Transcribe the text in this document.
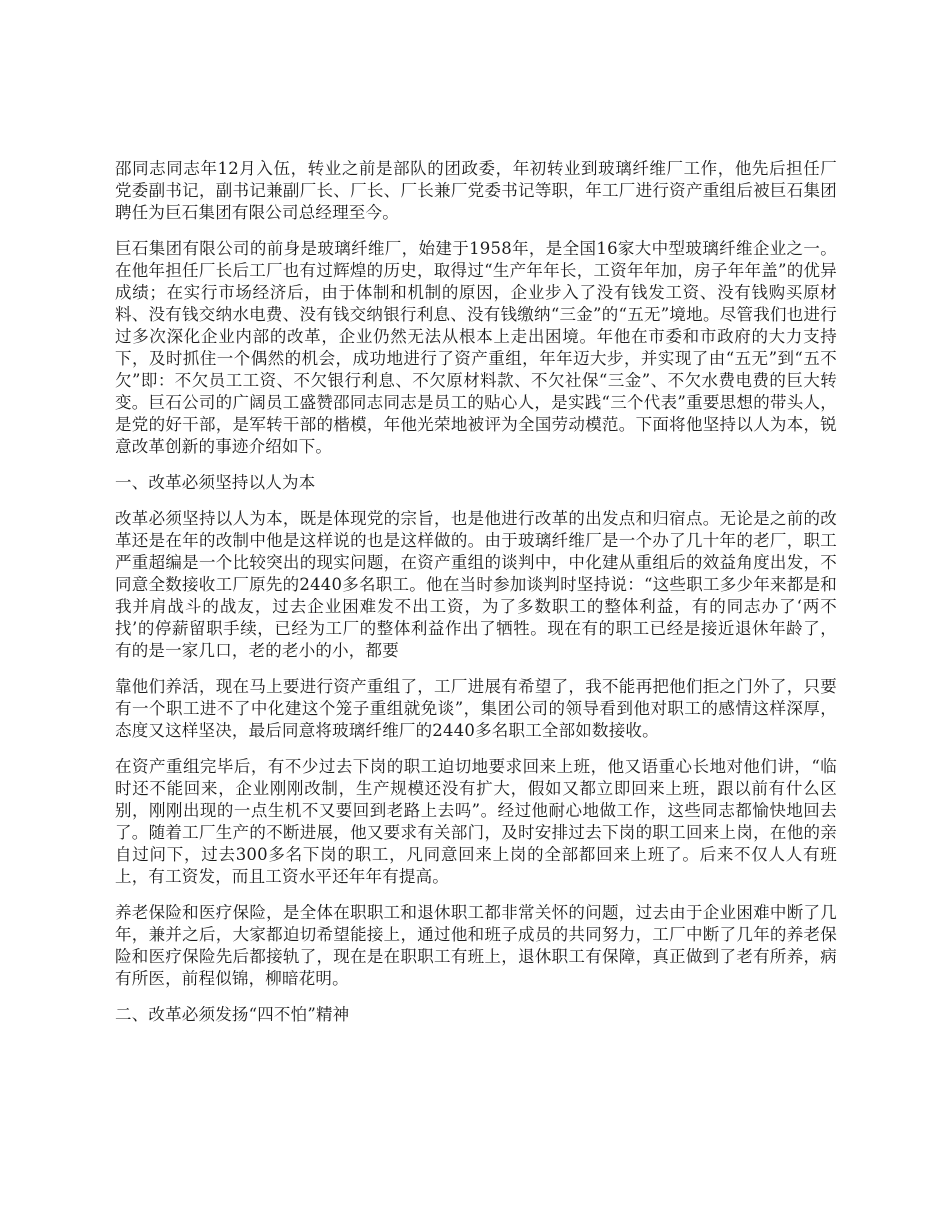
邵同志同志年12月入伍，转业之前是部队的团政委，年初转业到玻璃纤维厂工作，他先后担任厂党委副书记，副书记兼副厂长、厂长、厂长兼厂党委书记等职，年工厂进行资产重组后被巨石集团聘任为巨石集团有限公司总经理至今。

巨石集团有限公司的前身是玻璃纤维厂，始建于1958年，是全国16家大中型玻璃纤维企业之一。在他年担任厂长后工厂也有过辉煌的历史，取得过“生产年年长，工资年年加，房子年年盖”的优异成绩；在实行市场经济后，由于体制和机制的原因，企业步入了没有钱发工资、没有钱购买原材料、没有钱交纳水电费、没有钱交纳银行利息、没有钱缴纳“三金”的“五无”境地。尽管我们也进行过多次深化企业内部的改革，企业仍然无法从根本上走出困境。年他在市委和市政府的大力支持下，及时抓住一个偶然的机会，成功地进行了资产重组，年年迈大步，并实现了由“五无”到“五不欠”即：不欠员工工资、不欠银行利息、不欠原材料款、不欠社保“三金”、不欠水费电费的巨大转变。巨石公司的广阔员工盛赞邵同志同志是员工的贴心人，是实践“三个代表”重要思想的带头人，是党的好干部，是军转干部的楷模，年他光荣地被评为全国劳动模范。下面将他坚持以人为本，锐意改革创新的事迹介绍如下。

一、改革必须坚持以人为本

改革必须坚持以人为本，既是体现党的宗旨，也是他进行改革的出发点和归宿点。无论是之前的改革还是在年的改制中他是这样说的也是这样做的。由于玻璃纤维厂是一个办了几十年的老厂，职工严重超编是一个比较突出的现实问题，在资产重组的谈判中，中化建从重组后的效益角度出发，不同意全数接收工厂原先的2440多名职工。他在当时参加谈判时坚持说：“这些职工多少年来都是和我并肩战斗的战友，过去企业困难发不出工资，为了多数职工的整体利益，有的同志办了‘两不找’的停薪留职手续，已经为工厂的整体利益作出了牺牲。现在有的职工已经是接近退休年龄了，有的是一家几口，老的老小的小，都要

靠他们养活，现在马上要进行资产重组了，工厂进展有希望了，我不能再把他们拒之门外了，只要有一个职工进不了中化建这个笼子重组就免谈”，集团公司的领导看到他对职工的感情这样深厚，态度又这样坚决，最后同意将玻璃纤维厂的2440多名职工全部如数接收。

在资产重组完毕后，有不少过去下岗的职工迫切地要求回来上班，他又语重心长地对他们讲，“临时还不能回来，企业刚刚改制，生产规模还没有扩大，假如又都立即回来上班，跟以前有什么区别，刚刚出现的一点生机不又要回到老路上去吗”。经过他耐心地做工作，这些同志都愉快地回去了。随着工厂生产的不断进展，他又要求有关部门，及时安排过去下岗的职工回来上岗，在他的亲自过问下，过去300多名下岗的职工，凡同意回来上岗的全部都回来上班了。后来不仅人人有班上，有工资发，而且工资水平还年年有提高。

养老保险和医疗保险，是全体在职职工和退休职工都非常关怀的问题，过去由于企业困难中断了几年，兼并之后，大家都迫切希望能接上，通过他和班子成员的共同努力，工厂中断了几年的养老保险和医疗保险先后都接轨了，现在是在职职工有班上，退休职工有保障，真正做到了老有所养，病有所医，前程似锦，柳暗花明。

二、改革必须发扬“四不怕”精神
